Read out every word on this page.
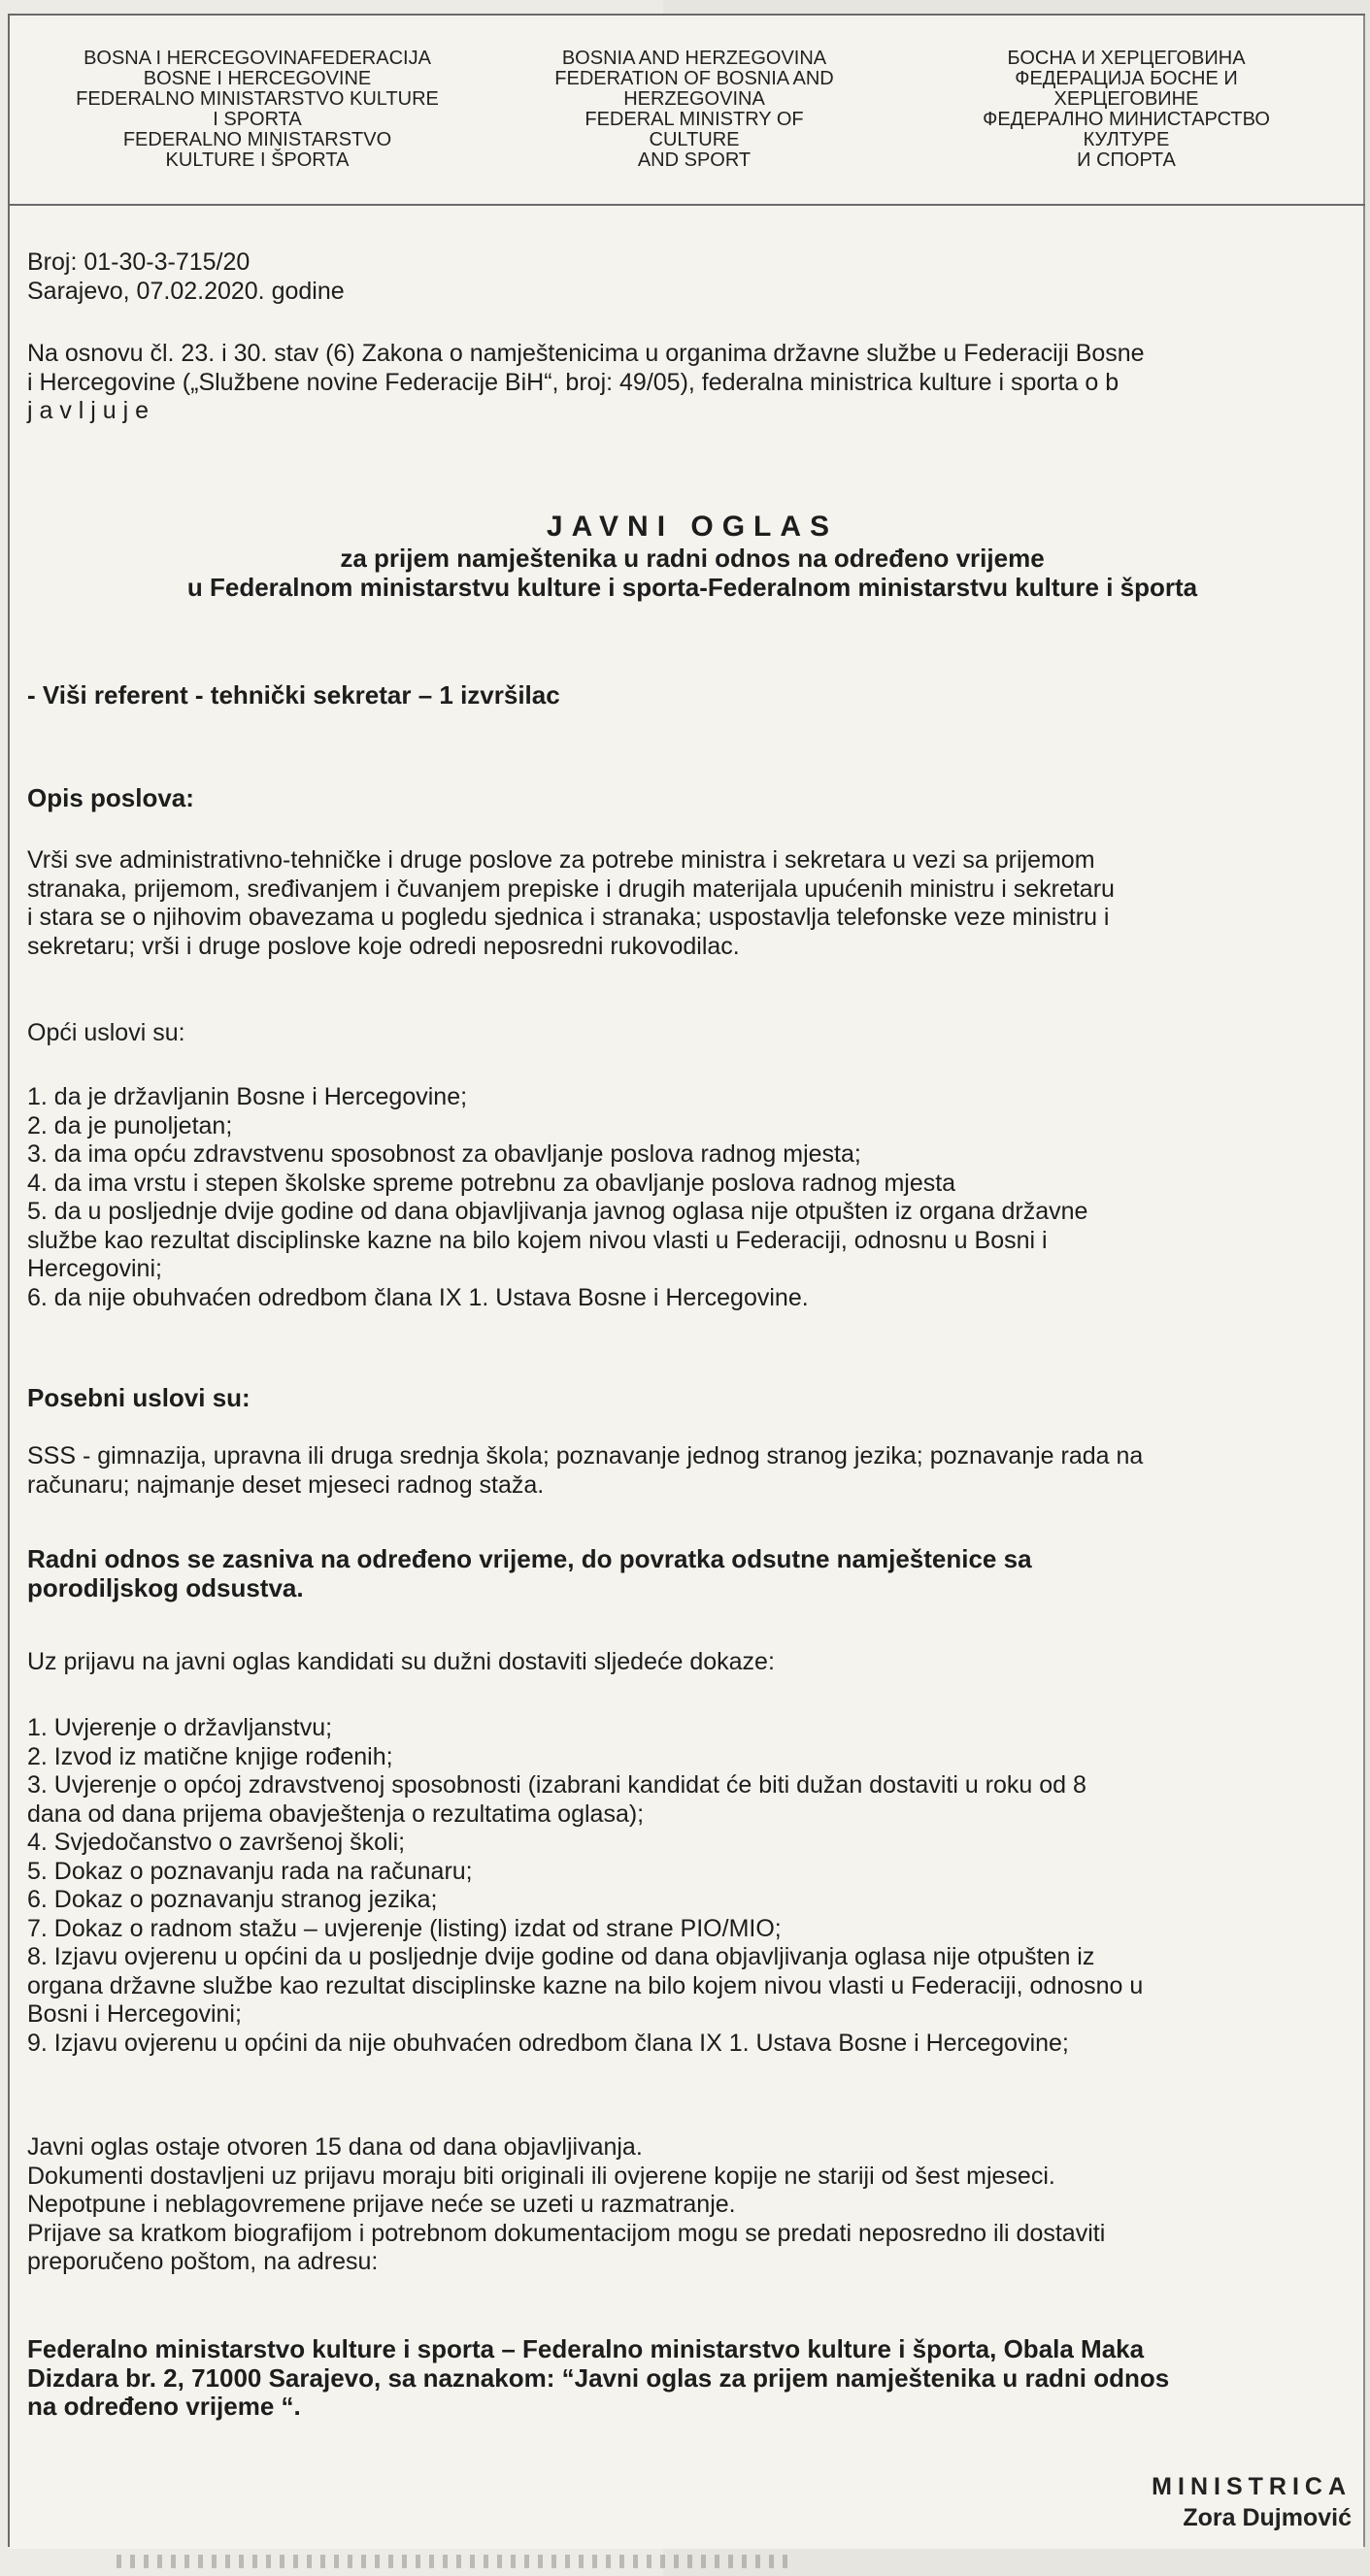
BOSNA I HERCEGOVINAFEDERACIJA
BOSNE I HERCEGOVINE
FEDERALNO MINISTARSTVO KULTURE
I SPORTA
FEDERALNO MINISTARSTVO
KULTURE I ŠPORTA
BOSNIA AND HERZEGOVINA
FEDERATION OF BOSNIA AND
HERZEGOVINA
FEDERAL MINISTRY OF
CULTURE
AND SPORT
БОСНА И ХЕРЦЕГОВИНА
ФЕДЕРАЦИЈА БОСНЕ И
ХЕРЦЕГОВИНЕ
ФЕДЕРАЛНО МИНИСТАРСТВО
КУЛТУРЕ
И СПОРТА

Broj: 01-30-3-715/20

Sarajevo, 07.02.2020. godine

Na osnovu čl. 23. i 30. stav (6) Zakona o namještenicima u organima državne službe u Federaciji Bosne

i Hercegovine („Službene novine Federacije BiH“, broj: 49/05), federalna ministrica kulture i sporta o b

j a v l j u j e

JAVNI OGLAS

za prijem namještenika u radni odnos na određeno vrijeme

u Federalnom ministarstvu kulture i sporta-Federalnom ministarstvu kulture i športa

- Viši referent - tehnički sekretar – 1 izvršilac

Opis poslova:

Vrši sve administrativno-tehničke i druge poslove za potrebe ministra i sekretara u vezi sa prijemom

stranaka, prijemom, sređivanjem i čuvanjem prepiske i drugih materijala upućenih ministru i sekretaru

i stara se o njihovim obavezama u pogledu sjednica i stranaka; uspostavlja telefonske veze ministru i

sekretaru; vrši i druge poslove koje odredi neposredni rukovodilac.

Opći uslovi su:

1. da je državljanin Bosne i Hercegovine;

2. da je punoljetan;

3. da ima opću zdravstvenu sposobnost za obavljanje poslova radnog mjesta;

4. da ima vrstu i stepen školske spreme potrebnu za obavljanje poslova radnog mjesta

5. da u posljednje dvije godine od dana objavljivanja javnog oglasa nije otpušten iz organa državne

službe kao rezultat disciplinske kazne na bilo kojem nivou vlasti u Federaciji, odnosnu u Bosni i

Hercegovini;

6. da nije obuhvaćen odredbom člana IX 1. Ustava Bosne i Hercegovine.

Posebni uslovi su:

SSS - gimnazija, upravna ili druga srednja škola; poznavanje jednog stranog jezika; poznavanje rada na

računaru; najmanje deset mjeseci radnog staža.

Radni odnos se zasniva na određeno vrijeme, do povratka odsutne namještenice sa

porodiljskog odsustva.

Uz prijavu na javni oglas kandidati su dužni dostaviti sljedeće dokaze:

1. Uvjerenje o državljanstvu;

2. Izvod iz matične knjige rođenih;

3. Uvjerenje o općoj zdravstvenoj sposobnosti (izabrani kandidat će biti dužan dostaviti u roku od 8

dana od dana prijema obavještenja o rezultatima oglasa);

4. Svjedočanstvo o završenoj školi;

5. Dokaz o poznavanju rada na računaru;

6. Dokaz o poznavanju stranog jezika;

7. Dokaz o radnom stažu – uvjerenje (listing) izdat od strane PIO/MIO;

8. Izjavu ovjerenu u općini da u posljednje dvije godine od dana objavljivanja oglasa nije otpušten iz

organa državne službe kao rezultat disciplinske kazne na bilo kojem nivou vlasti u Federaciji, odnosno u

Bosni i Hercegovini;

9. Izjavu ovjerenu u općini da nije obuhvaćen odredbom člana IX 1. Ustava Bosne i Hercegovine;

Javni oglas ostaje otvoren 15 dana od dana objavljivanja.

Dokumenti dostavljeni uz prijavu moraju biti originali ili ovjerene kopije ne stariji od šest mjeseci.

Nepotpune i neblagovremene prijave neće se uzeti u razmatranje.

Prijave sa kratkom biografijom i potrebnom dokumentacijom mogu se predati neposredno ili dostaviti

preporučeno poštom, na adresu:

Federalno ministarstvo kulture i sporta – Federalno ministarstvo kulture i športa, Obala Maka

Dizdara br. 2, 71000 Sarajevo, sa naznakom: “Javni oglas za prijem namještenika u radni odnos

na određeno vrijeme “.

MINISTRICA
Zora Dujmović
